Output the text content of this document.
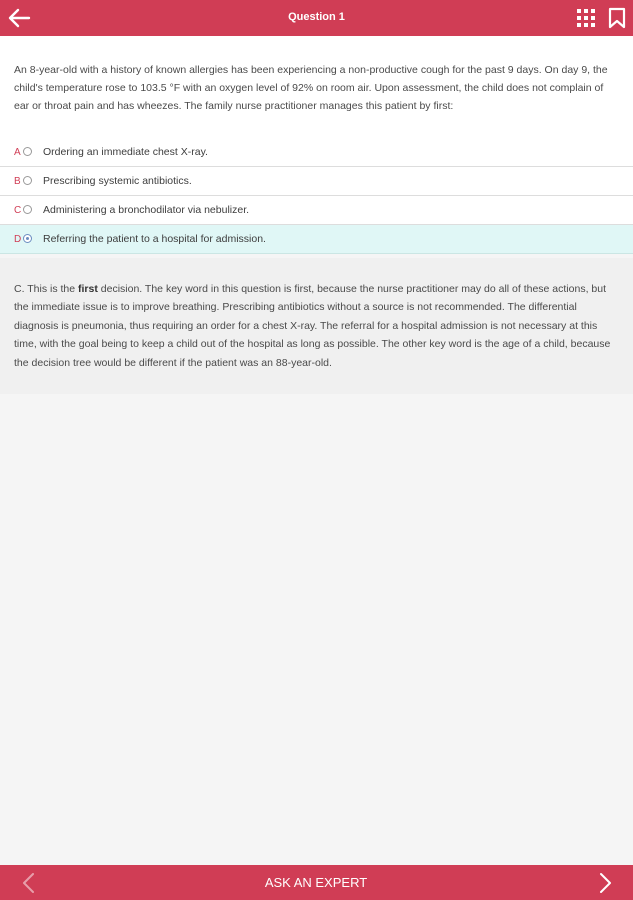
Question 1
An 8-year-old with a history of known allergies has been experiencing a non-productive cough for the past 9 days. On day 9, the child's temperature rose to 103.5 °F with an oxygen level of 92% on room air. Upon assessment, the child does not complain of ear or throat pain and has wheezes. The family nurse practitioner manages this patient by first:
A Ordering an immediate chest X-ray.
B Prescribing systemic antibiotics.
C Administering a bronchodilator via nebulizer.
D Referring the patient to a hospital for admission.
C. This is the first decision. The key word in this question is first, because the nurse practitioner may do all of these actions, but the immediate issue is to improve breathing. Prescribing antibiotics without a source is not recommended. The differential diagnosis is pneumonia, thus requiring an order for a chest X-ray. The referral for a hospital admission is not necessary at this time, with the goal being to keep a child out of the hospital as long as possible. The other key word is the age of a child, because the decision tree would be different if the patient was an 88-year-old.
ASK AN EXPERT
